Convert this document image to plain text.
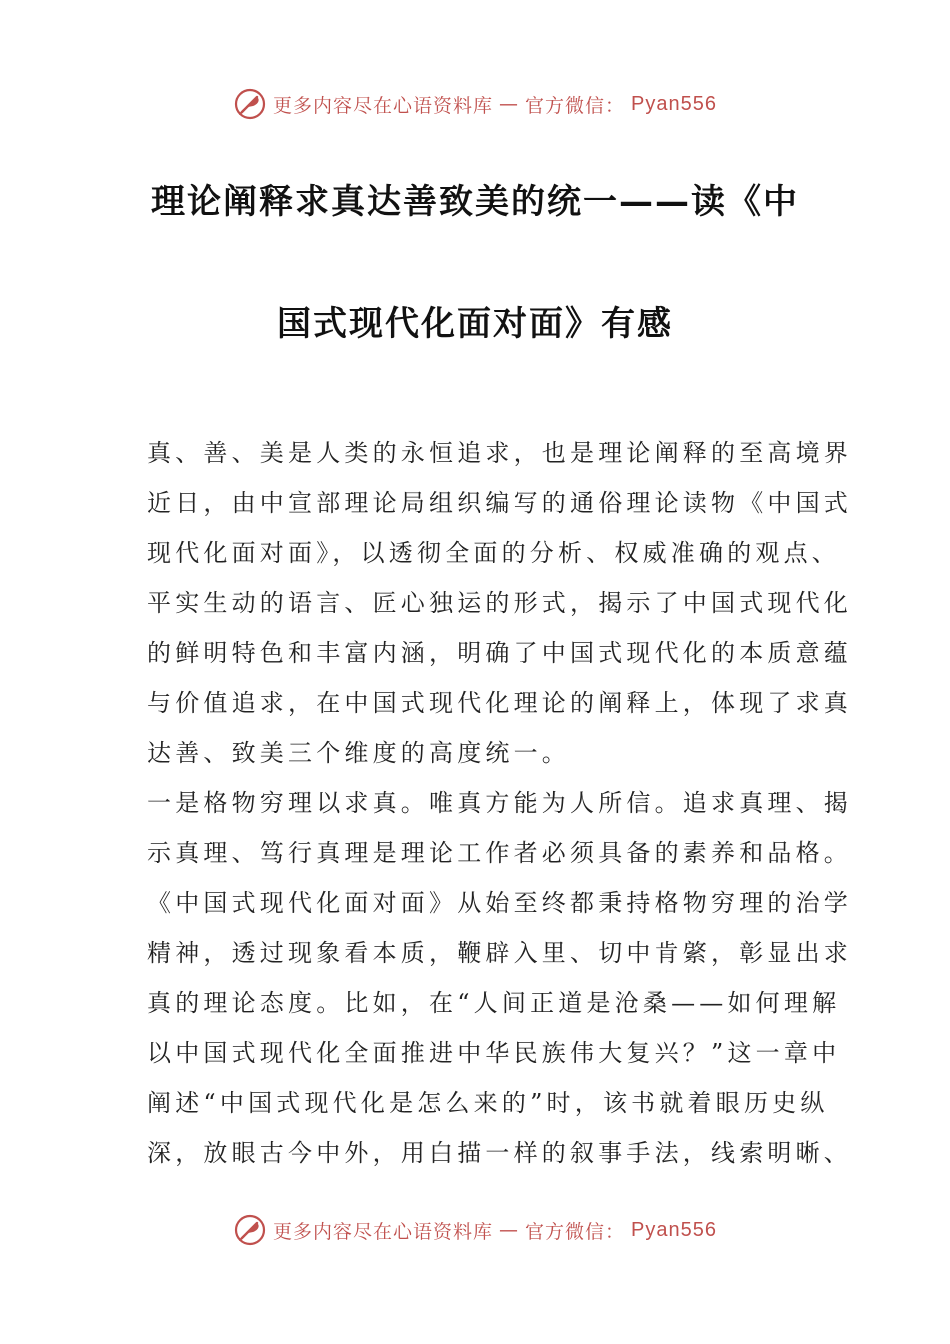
更多内容尽在心语资料库 — 官方微信： Pyan556
理论阐释求真达善致美的统一——读《中
国式现代化面对面》有感
真、善、美是人类的永恒追求，也是理论阐释的至高境界
近日，由中宣部理论局组织编写的通俗理论读物《中国式
现代化面对面》，以透彻全面的分析、权威准确的观点、
平实生动的语言、匠心独运的形式，揭示了中国式现代化
的鲜明特色和丰富内涵，明确了中国式现代化的本质意蕴
与价值追求，在中国式现代化理论的阐释上，体现了求真
达善、致美三个维度的高度统一。
一是格物穷理以求真。唯真方能为人所信。追求真理、揭
示真理、笃行真理是理论工作者必须具备的素养和品格。
《中国式现代化面对面》从始至终都秉持格物穷理的治学
精神，透过现象看本质，鞭辟入里、切中肯綮，彰显出求
真的理论态度。比如，在“人间正道是沧桑——如何理解
以中国式现代化全面推进中华民族伟大复兴？”这一章中
阐述“中国式现代化是怎么来的”时，该书就着眼历史纵
深，放眼古今中外，用白描一样的叙事手法，线索明晰、
更多内容尽在心语资料库 — 官方微信： Pyan556
